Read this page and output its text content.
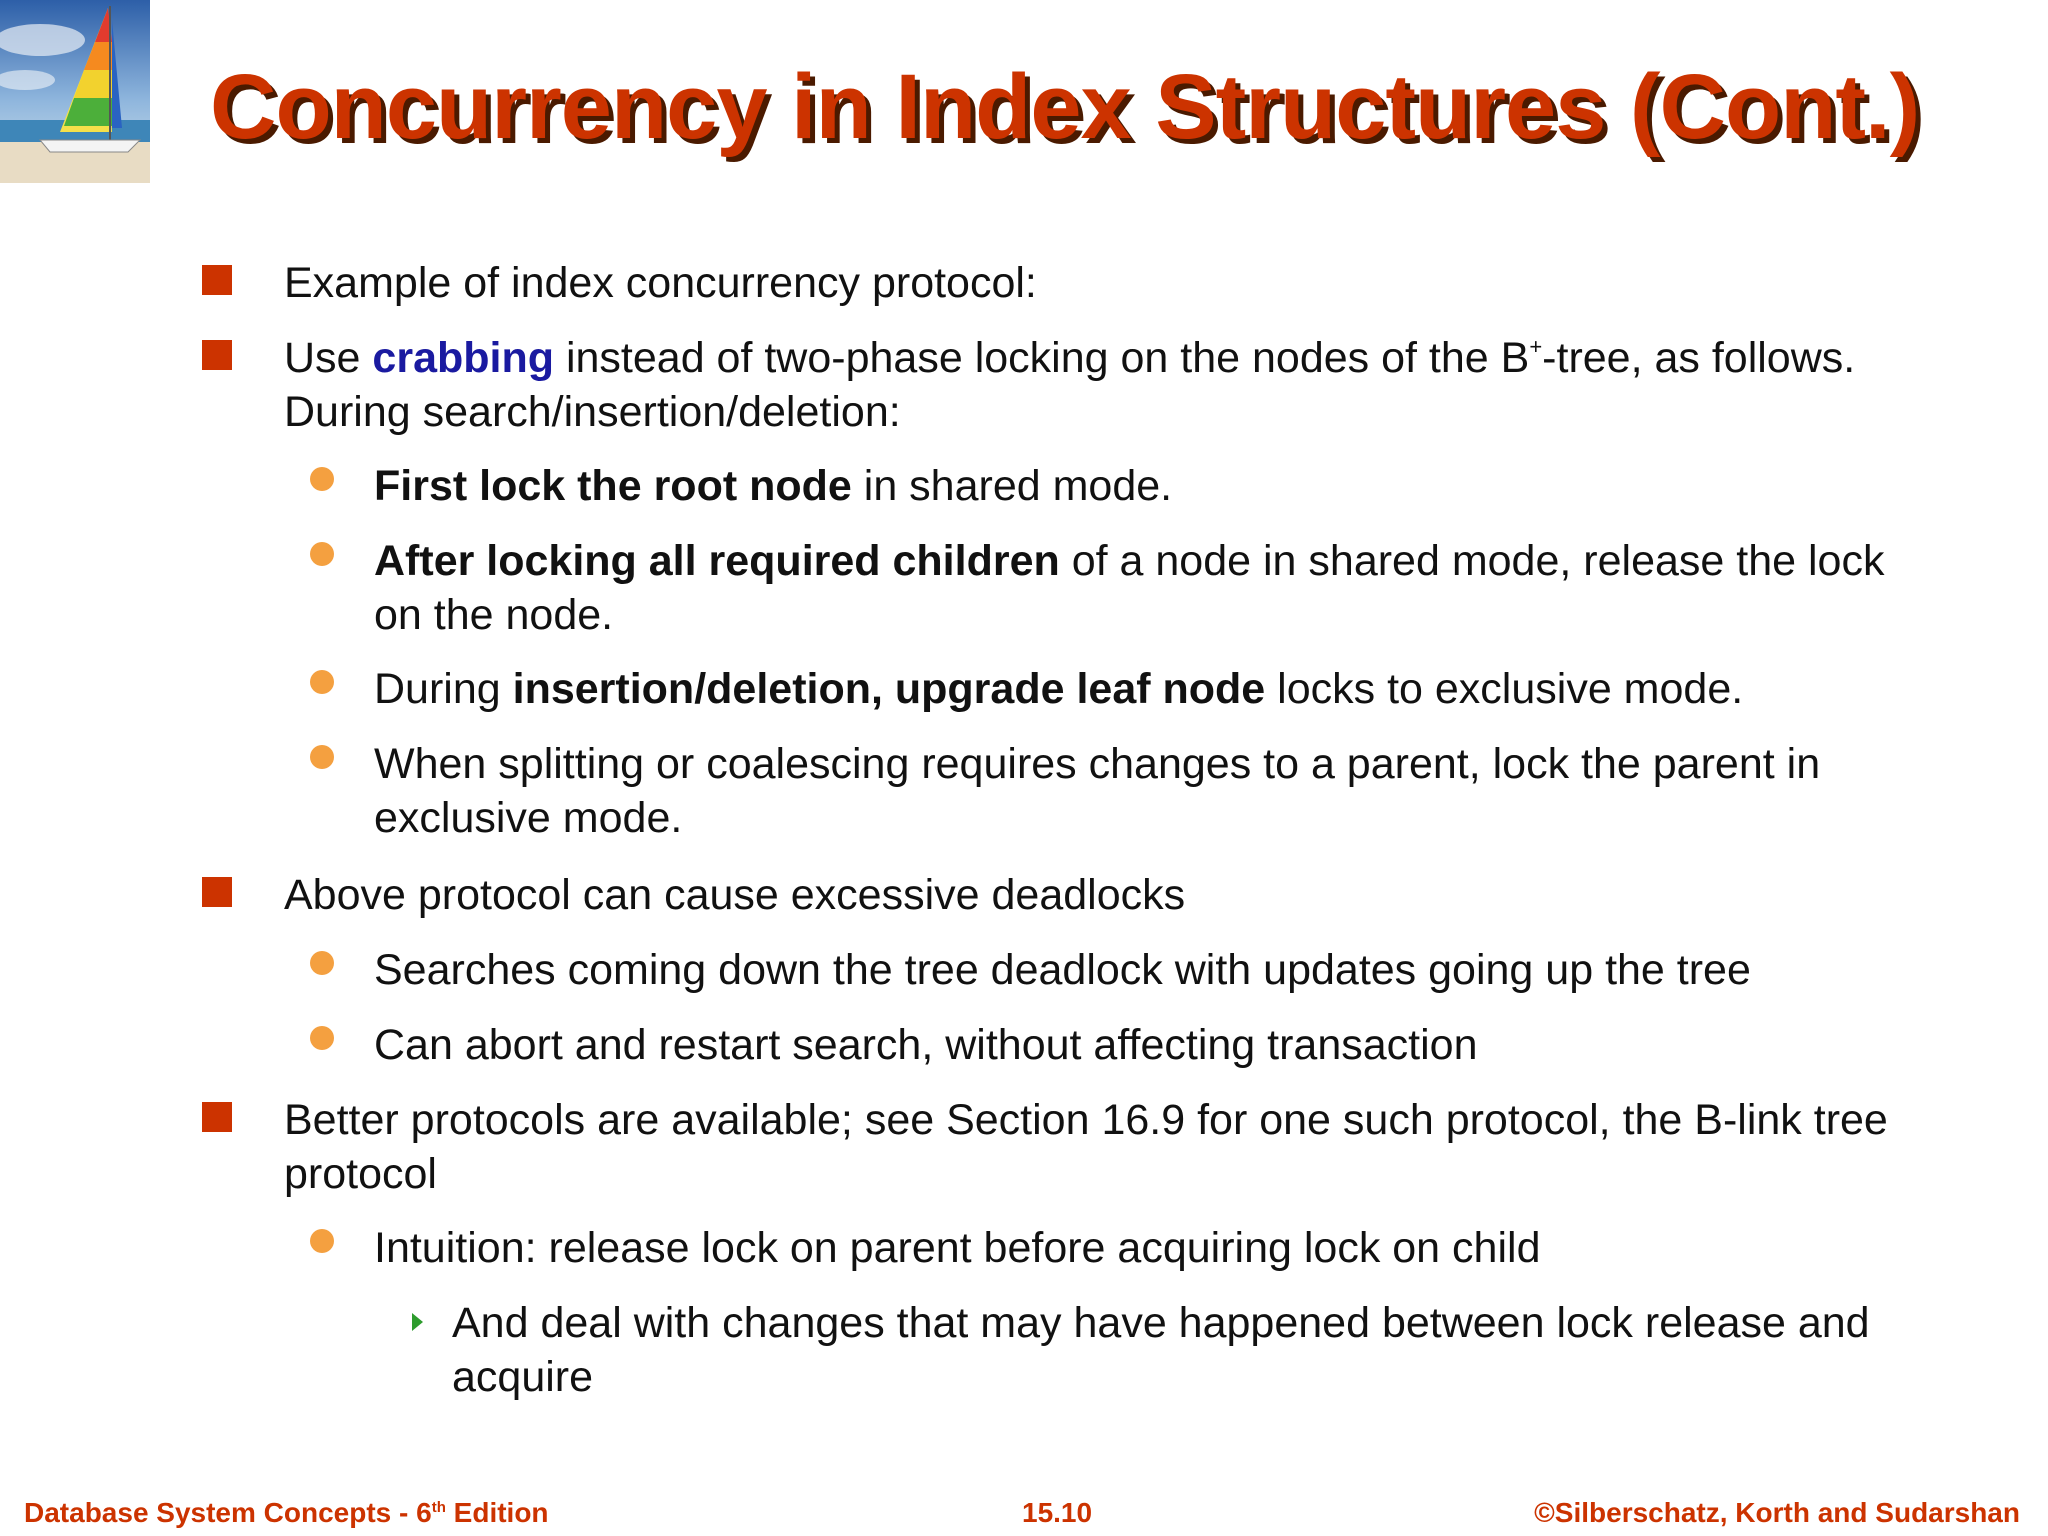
Concurrency in Index Structures (Cont.)
Example of index concurrency protocol:
Use crabbing instead of two-phase locking on the nodes of the B+-tree, as follows. During search/insertion/deletion:
First lock the root node in shared mode.
After locking all required children of a node in shared mode, release the lock on the node.
During insertion/deletion, upgrade leaf node locks to exclusive mode.
When splitting or coalescing requires changes to a parent, lock the parent in exclusive mode.
Above protocol can cause excessive deadlocks
Searches coming down the tree deadlock with updates going up the tree
Can abort and restart search, without affecting transaction
Better protocols are available; see Section 16.9 for one such protocol, the B-link tree protocol
Intuition: release lock on parent before acquiring lock on child
And deal with changes that may have happened between lock release and acquire
Database System Concepts - 6th Edition	15.10	©Silberschatz, Korth and Sudarshan
